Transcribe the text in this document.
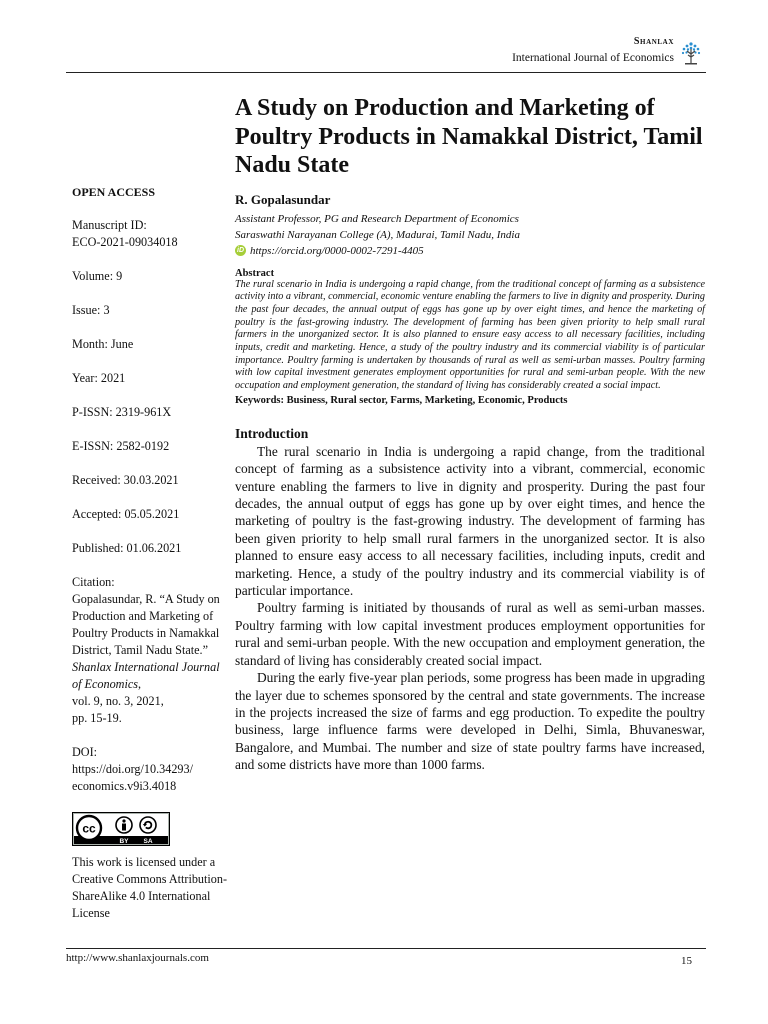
Shanlax
International Journal of Economics
OPEN ACCESS
Manuscript ID:
ECO-2021-09034018
Volume: 9
Issue: 3
Month: June
Year: 2021
P-ISSN: 2319-961X
E-ISSN: 2582-0192
Received: 30.03.2021
Accepted: 05.05.2021
Published: 01.06.2021
Citation:
Gopalasundar, R. “A Study on Production and Marketing of Poultry Products in Namakkal District, Tamil Nadu State.”
Shanlax International Journal of Economics,
vol. 9, no. 3, 2021,
pp. 15-19.
DOI:
https://doi.org/10.34293/
economics.v9i3.4018
cc
BY SA
This work is licensed under a Creative Commons Attribution-ShareAlike 4.0 International License
A Study on Production and Marketing of Poultry Products in Namakkal District, Tamil Nadu State
R. Gopalasundar
Assistant Professor, PG and Research Department of Economics
Saraswathi Narayanan College (A), Madurai, Tamil Nadu, India
iD https://orcid.org/0000-0002-7291-4405
Abstract
The rural scenario in India is undergoing a rapid change, from the traditional concept of farming as a subsistence activity into a vibrant, commercial, economic venture enabling the farmers to live in dignity and prosperity. During the past four decades, the annual output of eggs has gone up by over eight times, and hence the marketing of poultry is the fast-growing industry. The development of farming has been given priority to help small rural farmers in the unorganized sector. It is also planned to ensure easy access to all necessary facilities, including inputs, credit and marketing. Hence, a study of the poultry industry and its commercial viability is of particular importance. Poultry farming is undertaken by thousands of rural as well as semi-urban masses. Poultry farming with low capital investment generates employment opportunities for rural and semi-urban people. With the new occupation and employment generation, the standard of living has considerably created a social impact.
Keywords: Business, Rural sector, Farms, Marketing, Economic, Products
Introduction

The rural scenario in India is undergoing a rapid change, from the traditional concept of farming as a subsistence activity into a vibrant, commercial, economic venture enabling the farmers to live in dignity and prosperity. During the past four decades, the annual output of eggs has gone up by over eight times, and hence the marketing of poultry is the fast-growing industry. The development of farming has been given priority to help small rural farmers in the unorganized sector. It is also planned to ensure easy access to all necessary facilities, including inputs, credit and marketing. Hence, a study of the poultry industry and its commercial viability is of particular importance.

Poultry farming is initiated by thousands of rural as well as semi-urban masses. Poultry farming with low capital investment produces employment opportunities for rural and semi-urban people. With the new occupation and employment generation, the standard of living has considerably created social impact.

During the early five-year plan periods, some progress has been made in upgrading the layer due to schemes sponsored by the central and state governments. The increase in the projects increased the size of farms and egg production. To expedite the poultry business, large influence farms were developed in Delhi, Simla, Bhuvaneswar, Bangalore, and Mumbai. The number and size of state poultry farms have increased, and some districts have more than 1000 farms.

http://www.shanlaxjournals.com	15
